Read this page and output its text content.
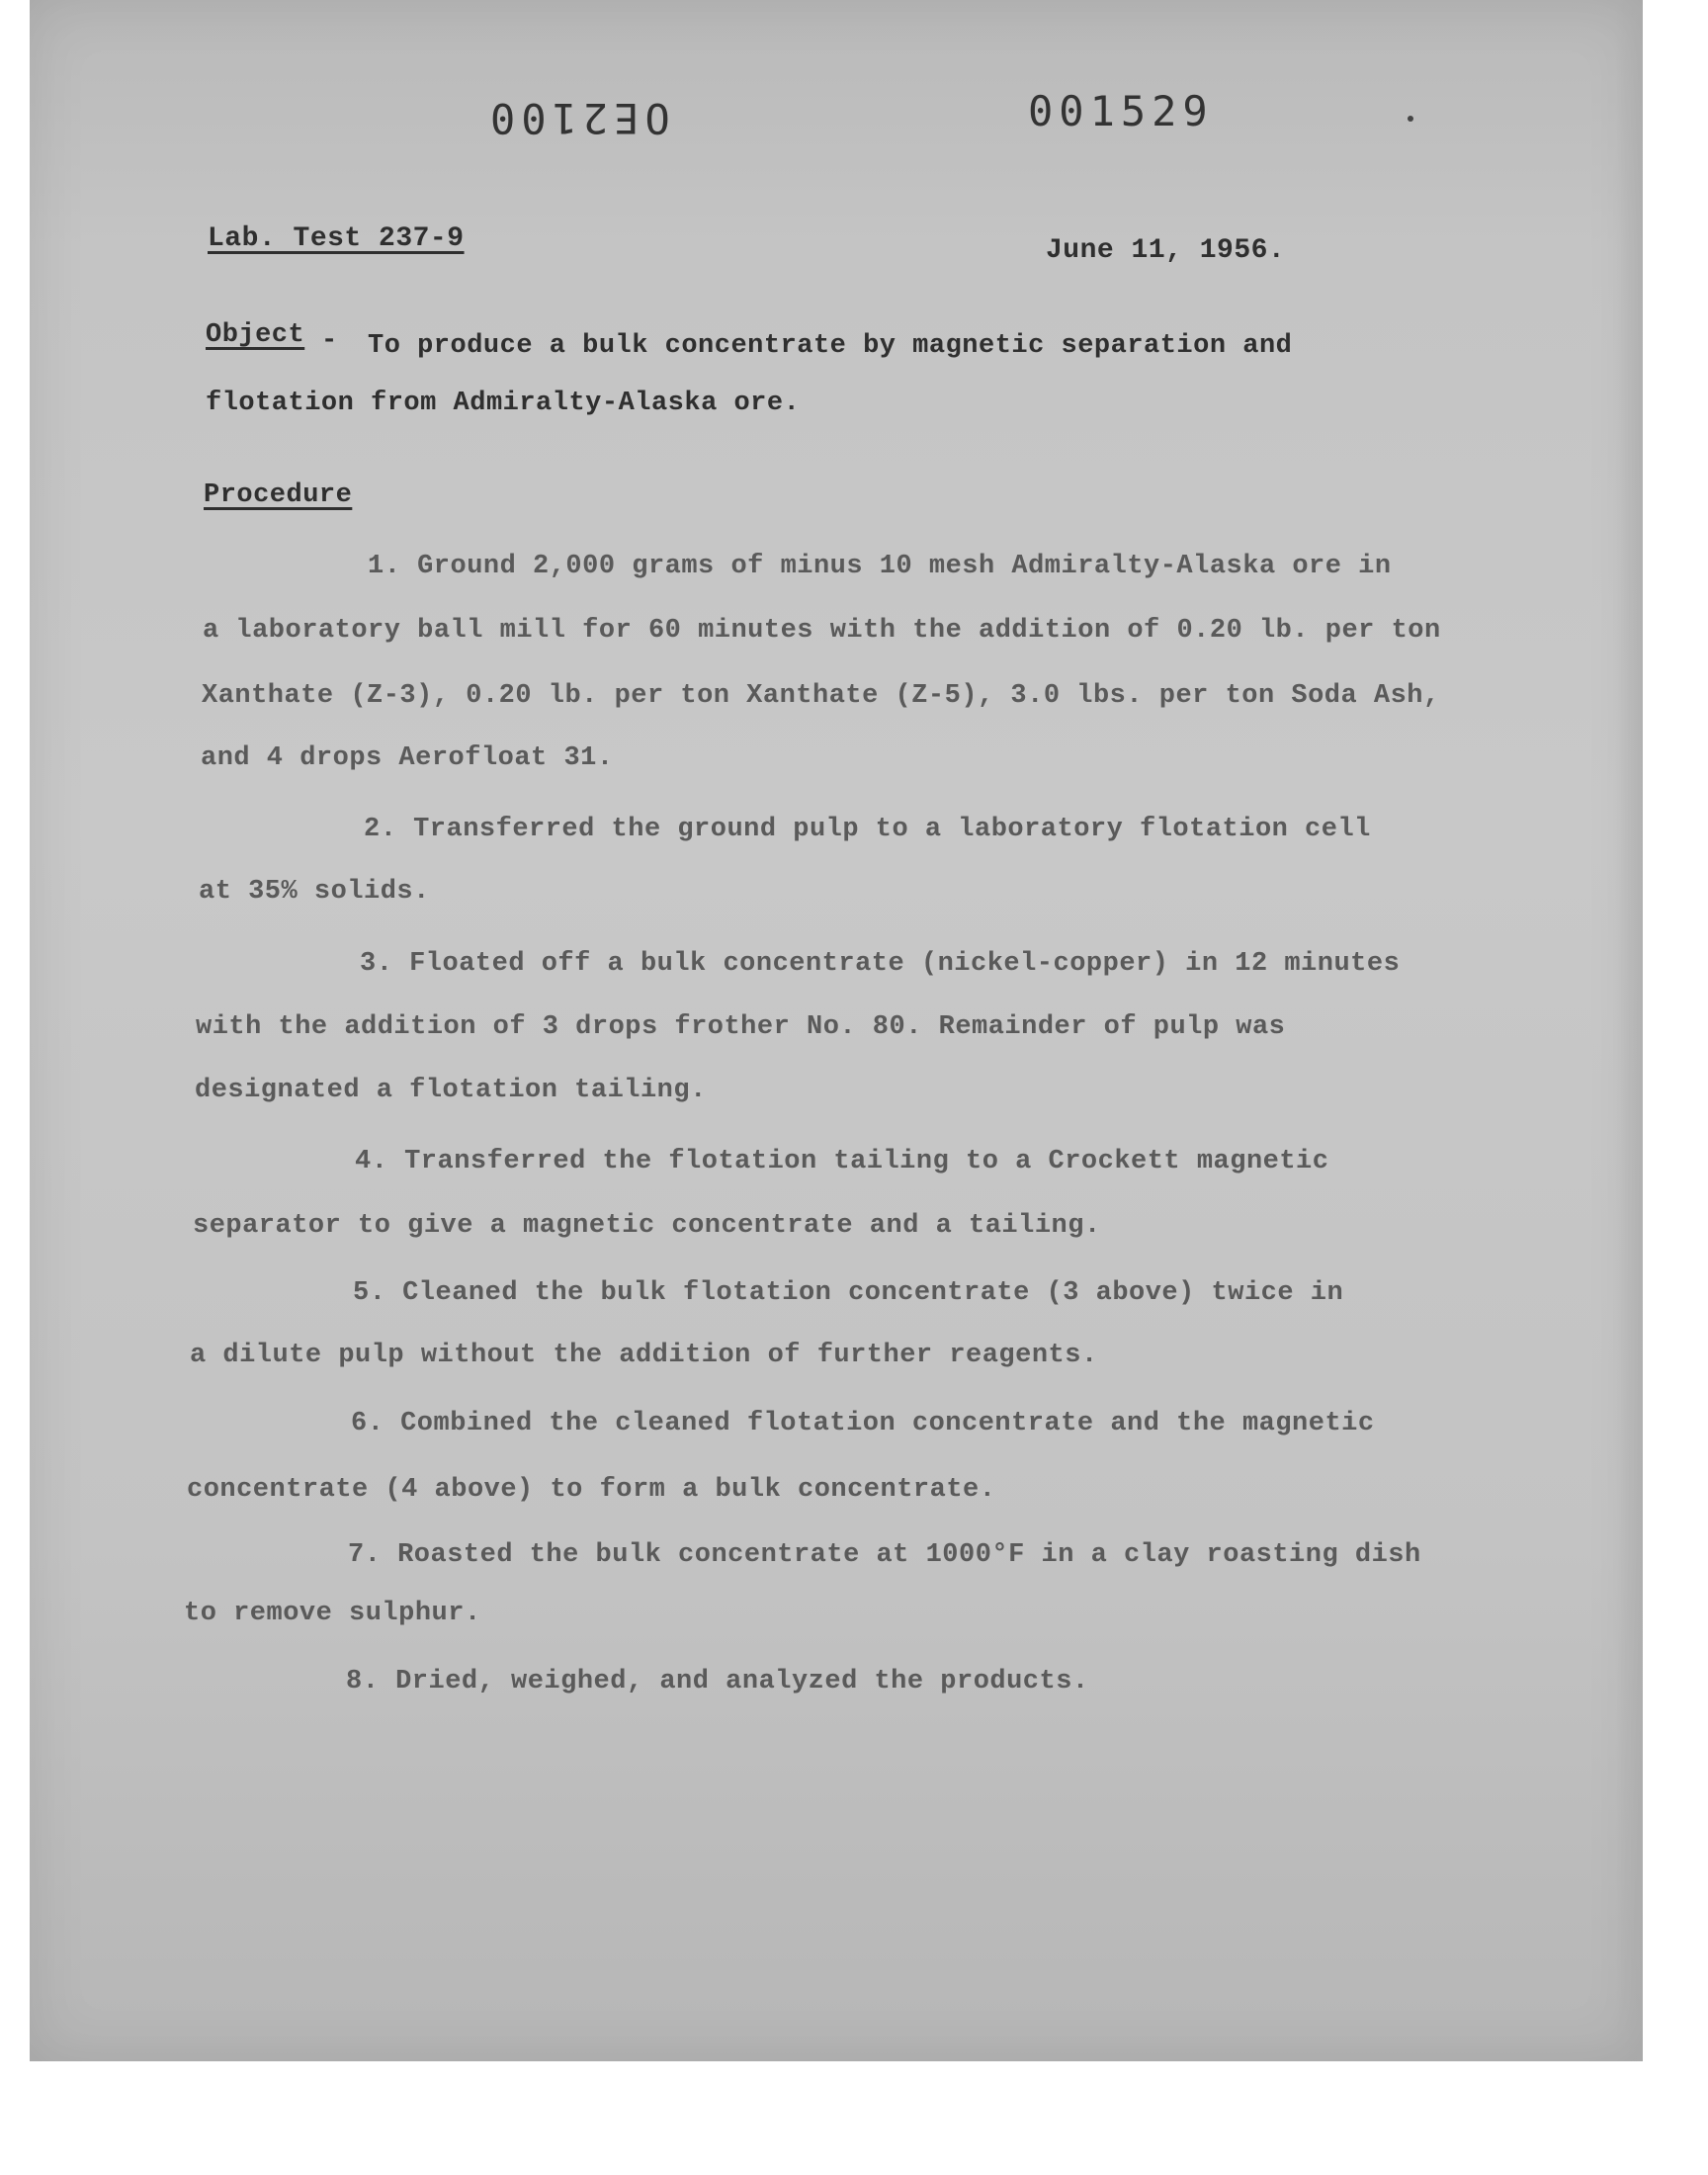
OE2100	001529
Lab. Test 237-9	June 11, 1956.
Object - To produce a bulk concentrate by magnetic separation and
flotation from Admiralty-Alaska ore.
Procedure
1. Ground 2,000 grams of minus 10 mesh Admiralty-Alaska ore in
a laboratory ball mill for 60 minutes with the addition of 0.20 lb. per ton
Xanthate (Z-3), 0.20 lb. per ton Xanthate (Z-5), 3.0 lbs. per ton Soda Ash,
and 4 drops Aerofloat 31.
2. Transferred the ground pulp to a laboratory flotation cell
at 35% solids.
3. Floated off a bulk concentrate (nickel-copper) in 12 minutes
with the addition of 3 drops frother No. 80. Remainder of pulp was
designated a flotation tailing.
4. Transferred the flotation tailing to a Crockett magnetic
separator to give a magnetic concentrate and a tailing.
5. Cleaned the bulk flotation concentrate (3 above) twice in
a dilute pulp without the addition of further reagents.
6. Combined the cleaned flotation concentrate and the magnetic
concentrate (4 above) to form a bulk concentrate.
7. Roasted the bulk concentrate at 1000°F in a clay roasting dish
to remove sulphur.
8. Dried, weighed, and analyzed the products.
